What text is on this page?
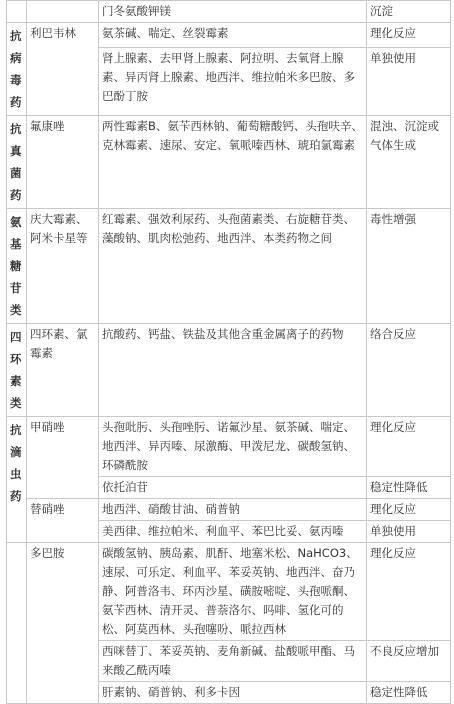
		门冬氨酸钾镁	沉淀

抗病毒药	利巴韦林	氨茶碱、喘定、丝裂霉素	理化反应
		肾上腺素、去甲肾上腺素、阿拉明、去氧肾上腺素、异丙肾上腺素、地西泮、维拉帕米多巴胺、多巴酚丁胺	单独使用

抗真菌药	氟康唑	两性霉素B、氨苄西林钠、葡萄糖酸钙、头孢呋辛、克林霉素、速尿、安定、氧哌嗪西林、琥珀氯霉素	混浊、沉淀或气体生成

氨基糖苷类	庆大霉素、阿米卡星等	红霉素、强效利尿药、头孢菌素类、右旋糖苷类、藻酸钠、肌肉松弛药、地西泮、本类药物之间	毒性增强

四环素类	四环素、氯霉素	抗酸药、钙盐、铁盐及其他含重金属离子的药物	络合反应

抗滴虫药	甲硝唑	头孢吡肟、头孢唑肟、诺氟沙星、氨茶碱、喘定、地西泮、异丙嗪、尿激酶、甲泼尼龙、碳酸氢钠、环磷酰胺	理化反应
		依托泊苷	稳定性降低
	替硝唑	地西泮、硝酸甘油、硝普钠	理化反应
		美西律、维拉帕米、利血平、苯巴比妥、氨丙嗪	单独使用
	多巴胺	碳酸氢钠、胰岛素、肌酐、地塞米松、NaHCO3、速尿、可乐定、利血平、苯妥英钠、地西泮、奋乃静、阿普洛韦、环丙沙星、磺胺嘧啶、头孢哌酮、氨苄西林、清开灵、普萘洛尔、吗啡、氢化可的松、阿莫西林、头孢噻吩、哌拉西林	理化反应
		西咪替丁、苯妥英钠、麦角新碱、盐酸哌甲酯、马来酸乙酰丙嗪	不良反应增加
		肝素钠、硝普钠、利多卡因	稳定性降低
